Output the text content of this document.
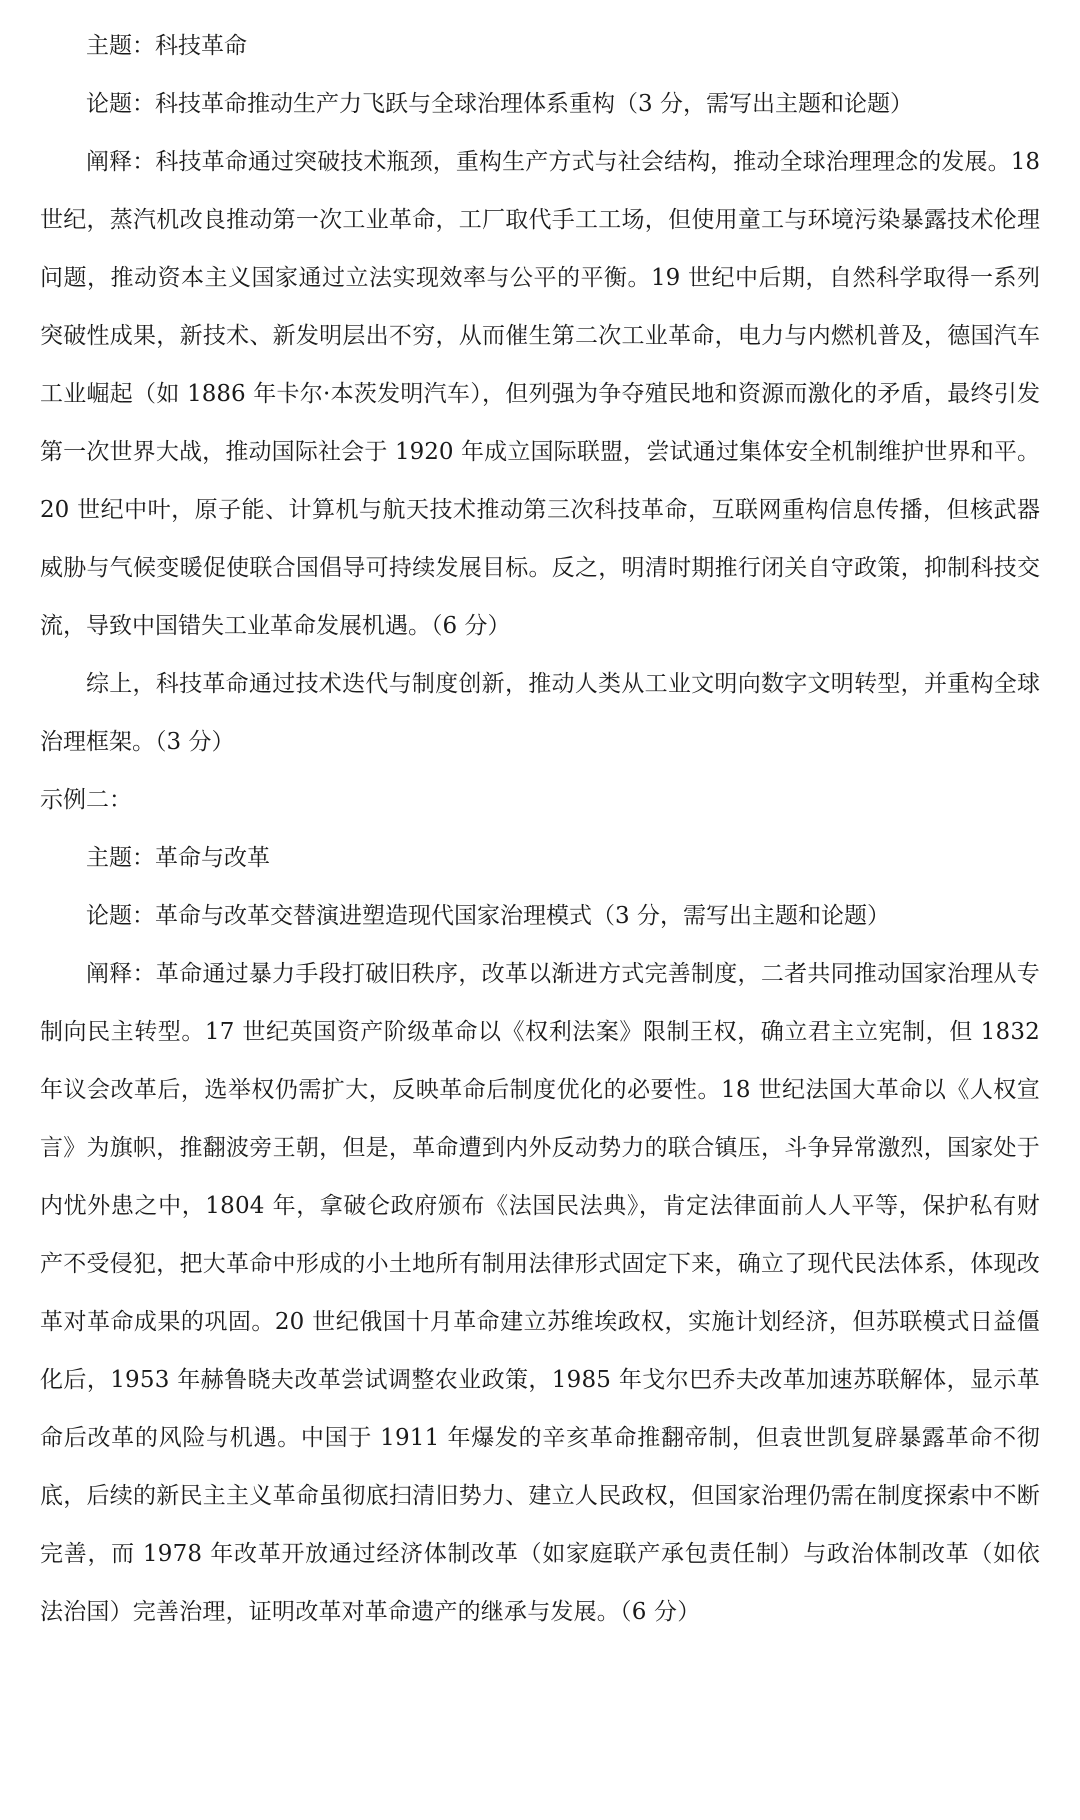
主题：科技革命
论题：科技革命推动生产力飞跃与全球治理体系重构（3 分，需写出主题和论题）

阐释：科技革命通过突破技术瓶颈，重构生产方式与社会结构，推动全球治理理念的发展。18 世纪，蒸汽机改良推动第一次工业革命，工厂取代手工工场，但使用童工与环境污染暴露技术伦理问题，推动资本主义国家通过立法实现效率与公平的平衡。19 世纪中后期，自然科学取得一系列突破性成果，新技术、新发明层出不穷，从而催生第二次工业革命，电力与内燃机普及，德国汽车工业崛起（如 1886 年卡尔·本茨发明汽车），但列强为争夺殖民地和资源而激化的矛盾，最终引发第一次世界大战，推动国际社会于 1920 年成立国际联盟，尝试通过集体安全机制维护世界和平。20 世纪中叶，原子能、计算机与航天技术推动第三次科技革命，互联网重构信息传播，但核武器威胁与气候变暖促使联合国倡导可持续发展目标。反之，明清时期推行闭关自守政策，抑制科技交流，导致中国错失工业革命发展机遇。（6 分）

综上，科技革命通过技术迭代与制度创新，推动人类从工业文明向数字文明转型，并重构全球治理框架。（3 分）

示例二：
主题：革命与改革
论题：革命与改革交替演进塑造现代国家治理模式（3 分，需写出主题和论题）

阐释：革命通过暴力手段打破旧秩序，改革以渐进方式完善制度，二者共同推动国家治理从专制向民主转型。17 世纪英国资产阶级革命以《权利法案》限制王权，确立君主立宪制，但 1832 年议会改革后，选举权仍需扩大，反映革命后制度优化的必要性。18 世纪法国大革命以《人权宣言》为旗帜，推翻波旁王朝，但是，革命遭到内外反动势力的联合镇压，斗争异常激烈，国家处于内忧外患之中，1804 年，拿破仑政府颁布《法国民法典》，肯定法律面前人人平等，保护私有财产不受侵犯，把大革命中形成的小土地所有制用法律形式固定下来，确立了现代民法体系，体现改革对革命成果的巩固。20 世纪俄国十月革命建立苏维埃政权，实施计划经济，但苏联模式日益僵化后，1953 年赫鲁晓夫改革尝试调整农业政策，1985 年戈尔巴乔夫改革加速苏联解体，显示革命后改革的风险与机遇。中国于 1911 年爆发的辛亥革命推翻帝制，但袁世凯复辟暴露革命不彻底，后续的新民主主义革命虽彻底扫清旧势力、建立人民政权，但国家治理仍需在制度探索中不断完善，而 1978 年改革开放通过经济体制改革（如家庭联产承包责任制）与政治体制改革（如依法治国）完善治理，证明改革对革命遗产的继承与发展。（6 分）
